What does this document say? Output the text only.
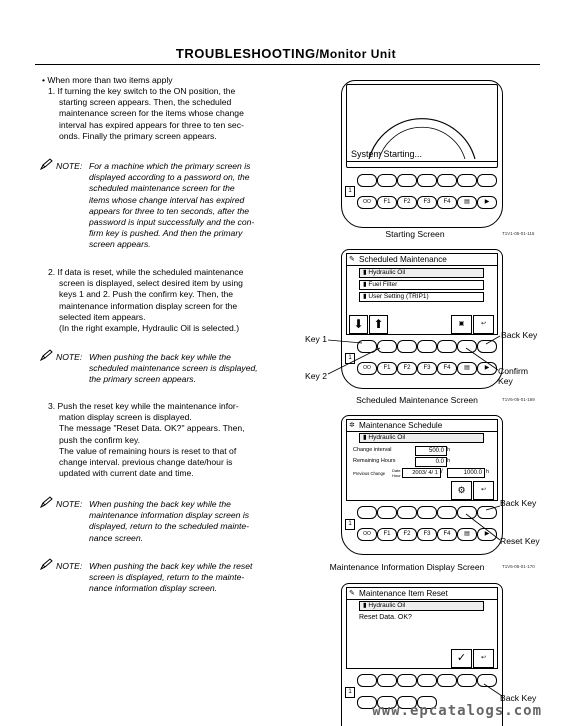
TROUBLESHOOTING/Monitor Unit
• When more than two items apply
1. If turning the key switch to the ON position, the
starting screen appears. Then, the scheduled
maintenance screen for the items whose change
interval has expired appears for three to ten sec-
onds. Finally the primary screen appears.
NOTE: For a machine which the primary screen is
displayed according to a password on, the
scheduled maintenance screen for the
items whose change interval has expired
appears for three to ten seconds, after the
password is input successfully and the con-
firm key is pushed. And then the primary
screen appears.
2. If data is reset, while the scheduled maintenance
screen is displayed, select desired item by using
keys 1 and 2. Push the confirm key. Then, the
maintenance information display screen for the
selected item appears.
(In the right example, Hydraulic Oil is selected.)
NOTE: When pushing the back key while the
scheduled maintenance screen is displayed,
the primary screen appears.
3. Push the reset key while the maintenance infor-
mation display screen is displayed.
The message "Reset Data. OK?" appears. Then,
push the confirm key.
The value of remaining hours is reset to that of
change interval. previous change date/hour is
updated with current date and time.
NOTE: When pushing the back key while the
maintenance information display screen is
displayed, return to the scheduled mainte-
nance screen.
NOTE: When pushing the back key while the reset
screen is displayed, return to the mainte-
nance information display screen.
System Starting...
1
OO	F1	F2	F3	F4	▤	▶
Starting Screen	T1V1-05-01-115
✎ Scheduled Maintenance
▮ Hydraulic Oil
▮ Fuel Filter
▮ User Setting (TRIP1)
⬇ ⬆	▣	↩
1
OO	F1	F2	F3	F4	▤	▶
Key 1
Key 2
Back Key
Confirm Key
Scheduled Maintenance Screen	T1V5-05-01-169
✲ Maintenance Schedule
▮ Hydraulic Oil
Change interval	500.0 h
Remaining Hours	0.0 h
Previous Change
Date
Hour	2003/ 4/ 1 /	1000.0 h
⚙	↩
1
OO	F1	F2	F3	F4	▤	▶
Back Key
Reset Key
Maintenance Information Display Screen	T1V5-05-01-170
✎ Maintenance Item Reset
▮ Hydraulic Oil
Reset Data. OK?
✓	↩
1
Back Key
www.epcatalogs.com
